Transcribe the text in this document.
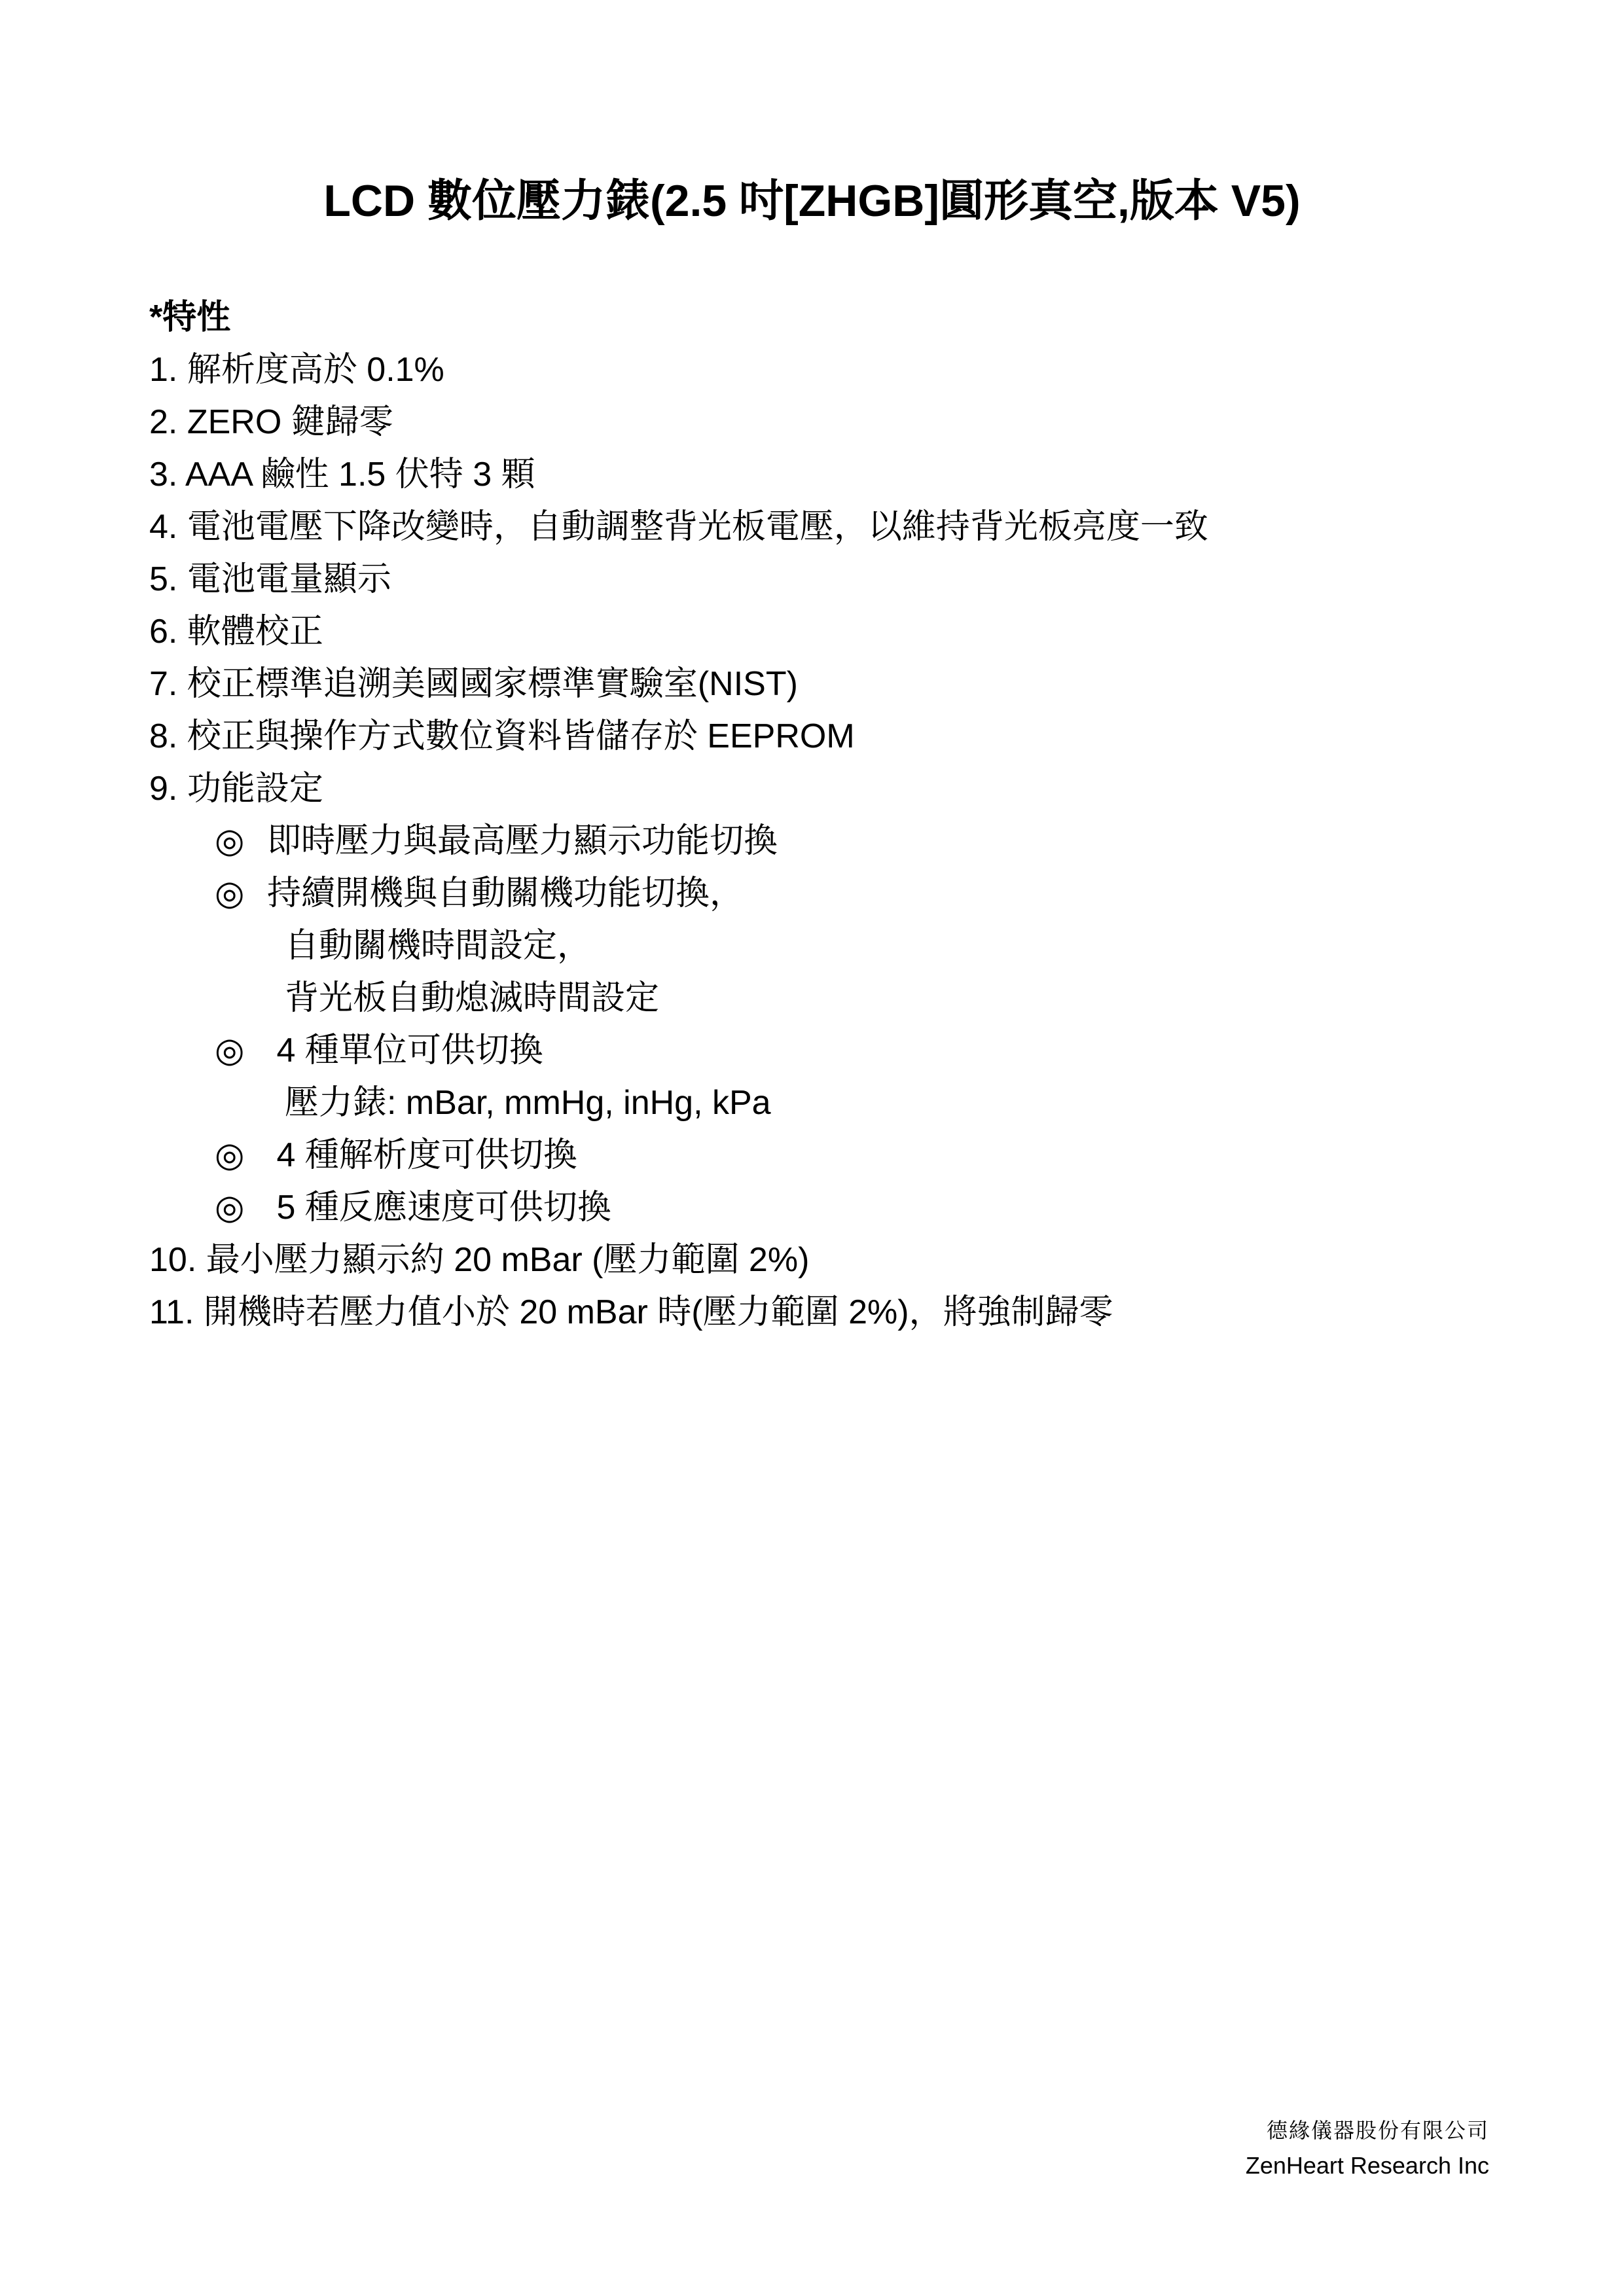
LCD 數位壓力錶(2.5 吋[ZHGB]圓形真空,版本 V5)
*特性
1. 解析度高於 0.1%
2. ZERO 鍵歸零
3. AAA 鹼性 1.5 伏特 3 顆
4. 電池電壓下降改變時，自動調整背光板電壓，以維持背光板亮度一致
5. 電池電量顯示
6. 軟體校正
7. 校正標準追溯美國國家標準實驗室(NIST)
8. 校正與操作方式數位資料皆儲存於 EEPROM
9. 功能設定
◎ 即時壓力與最高壓力顯示功能切換
◎ 持續開機與自動關機功能切換，
自動關機時間設定，
背光板自動熄滅時間設定
◎ 4 種單位可供切換
壓力錶: mBar, mmHg, inHg, kPa
◎ 4 種解析度可供切換
◎ 5 種反應速度可供切換
10. 最小壓力顯示約 20 mBar (壓力範圍 2%)
11. 開機時若壓力值小於 20 mBar 時(壓力範圍 2%)，將強制歸零
德緣儀器股份有限公司
ZenHeart Research Inc
